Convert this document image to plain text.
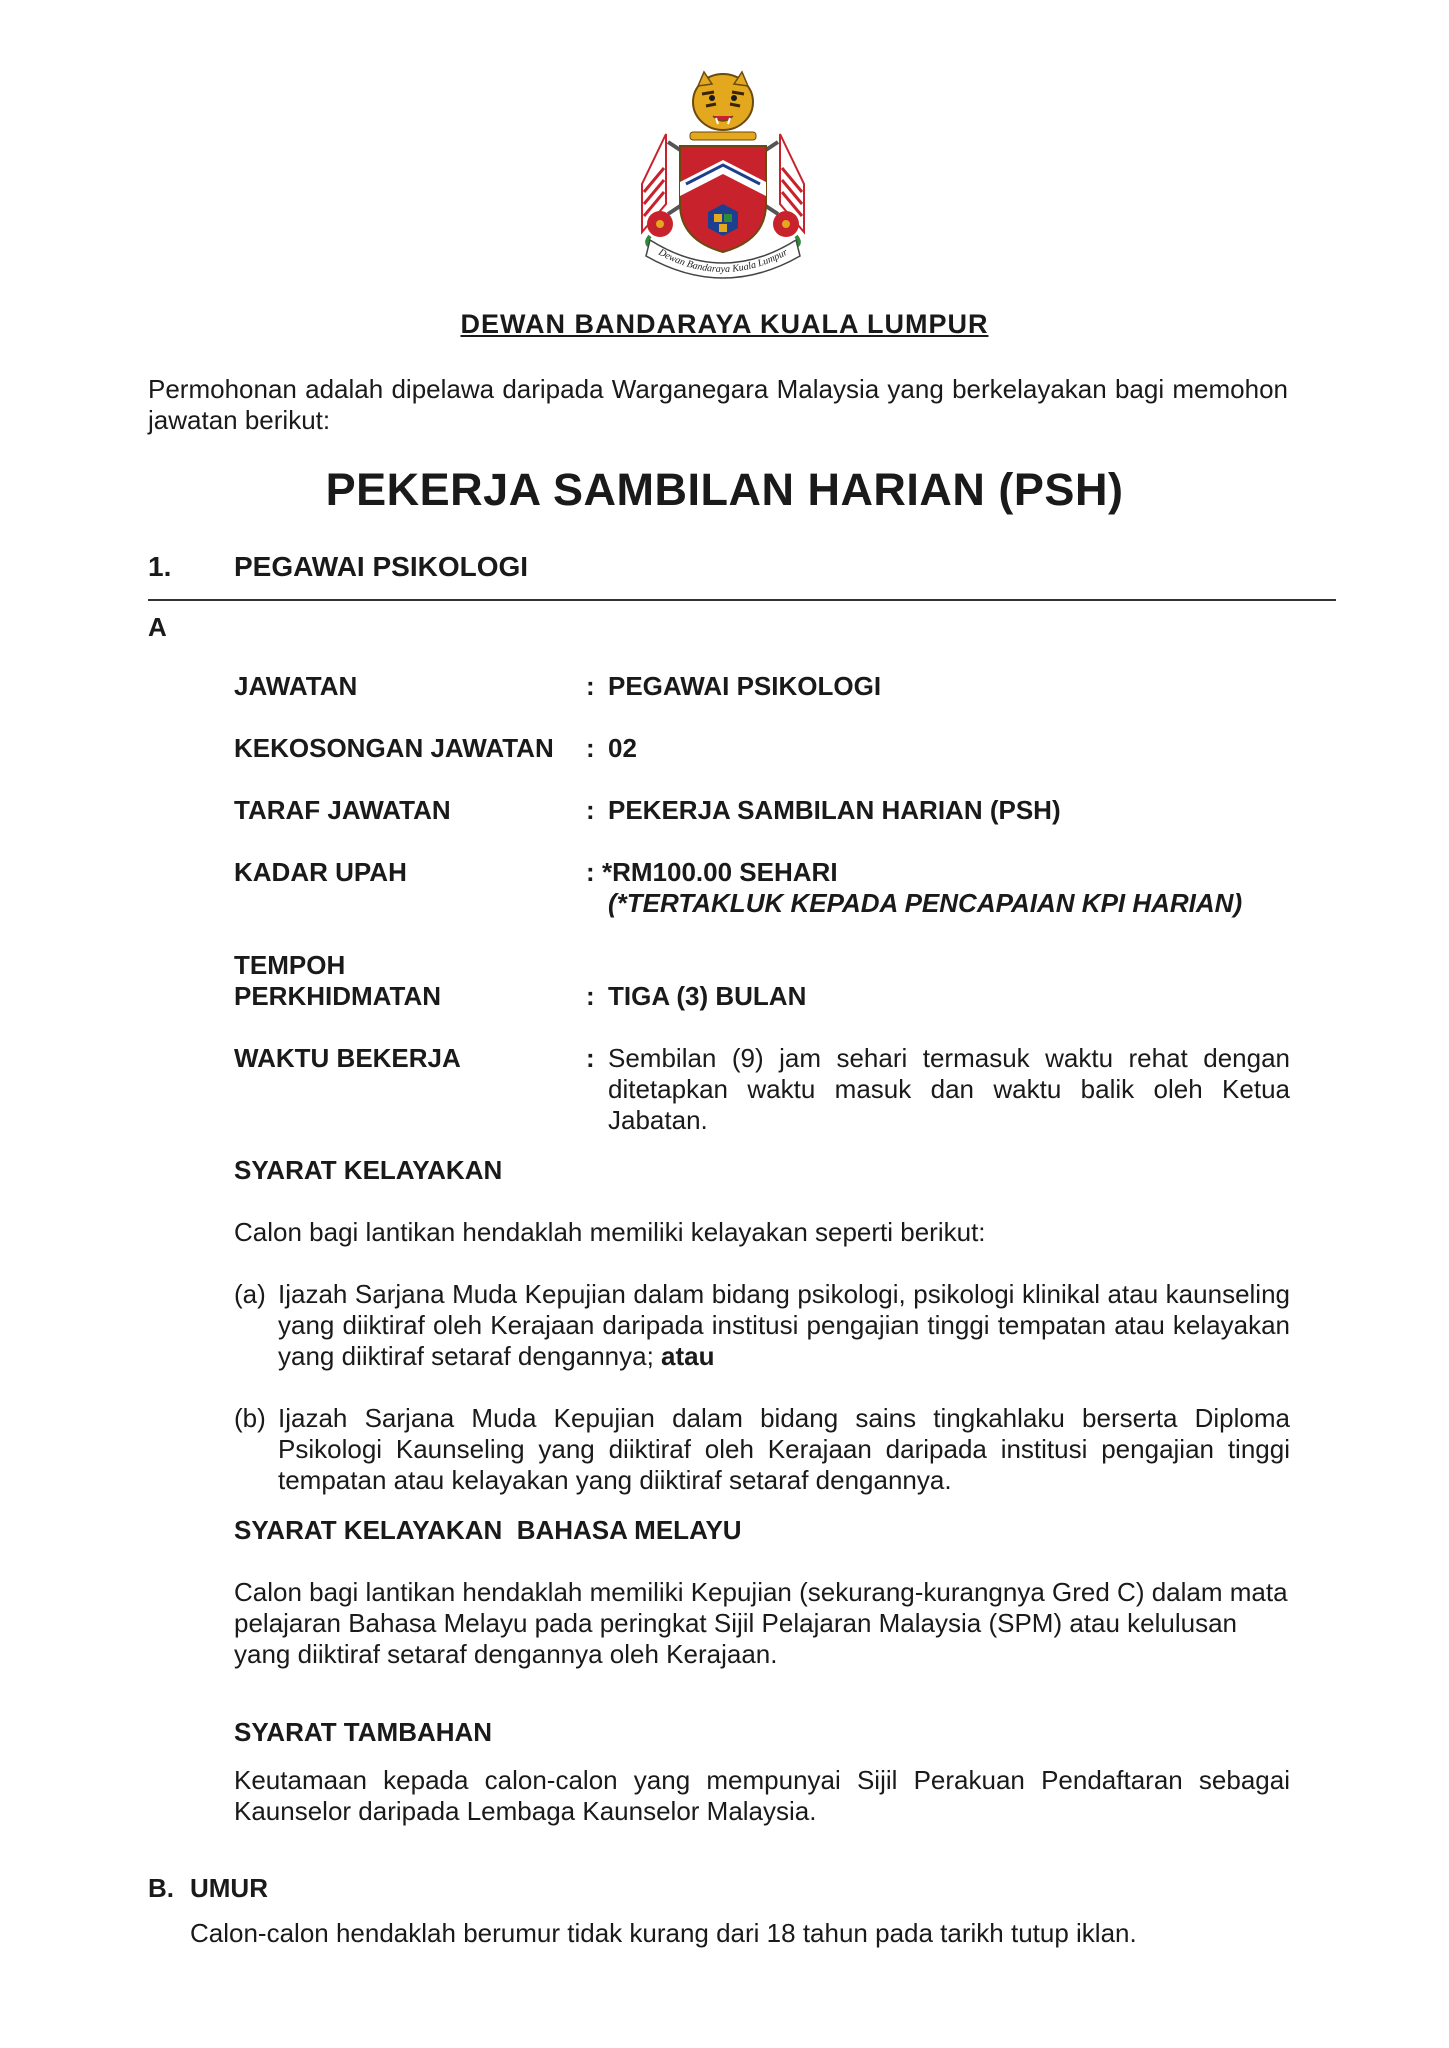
Dewan Bandaraya Kuala Lumpur
DEWAN BANDARAYA KUALA LUMPUR
Permohonan adalah dipelawa daripada Warganegara Malaysia yang berkelayakan bagi memohon jawatan berikut:
PEKERJA SAMBILAN HARIAN (PSH)
1. PEGAWAI PSIKOLOGI
A
JAWATAN	: PEGAWAI PSIKOLOGI
KEKOSONGAN JAWATAN : 02
TARAF JAWATAN	: PEKERJA SAMBILAN HARIAN (PSH)
KADAR UPAH	: *RM100.00 SEHARI
(*TERTAKLUK KEPADA PENCAPAIAN KPI HARIAN)
TEMPOH
PERKHIDMATAN	: TIGA (3) BULAN
WAKTU BEKERJA	: Sembilan (9) jam sehari termasuk waktu rehat dengan ditetapkan waktu masuk dan waktu balik oleh Ketua Jabatan.
SYARAT KELAYAKAN
Calon bagi lantikan hendaklah memiliki kelayakan seperti berikut:
(a) Ijazah Sarjana Muda Kepujian dalam bidang psikologi, psikologi klinikal atau kaunseling yang diiktiraf oleh Kerajaan daripada institusi pengajian tinggi tempatan atau kelayakan yang diiktiraf setaraf dengannya; atau
(b) Ijazah Sarjana Muda Kepujian dalam bidang sains tingkahlaku berserta Diploma Psikologi Kaunseling yang diiktiraf oleh Kerajaan daripada institusi pengajian tinggi tempatan atau kelayakan yang diiktiraf setaraf dengannya.
SYARAT KELAYAKAN  BAHASA MELAYU
Calon bagi lantikan hendaklah memiliki Kepujian (sekurang-kurangnya Gred C) dalam mata pelajaran Bahasa Melayu pada peringkat Sijil Pelajaran Malaysia (SPM) atau kelulusan yang diiktiraf setaraf dengannya oleh Kerajaan.
SYARAT TAMBAHAN
Keutamaan kepada calon-calon yang mempunyai Sijil Perakuan Pendaftaran sebagai Kaunselor daripada Lembaga Kaunselor Malaysia.
B. UMUR
Calon-calon hendaklah berumur tidak kurang dari 18 tahun pada tarikh tutup iklan.
